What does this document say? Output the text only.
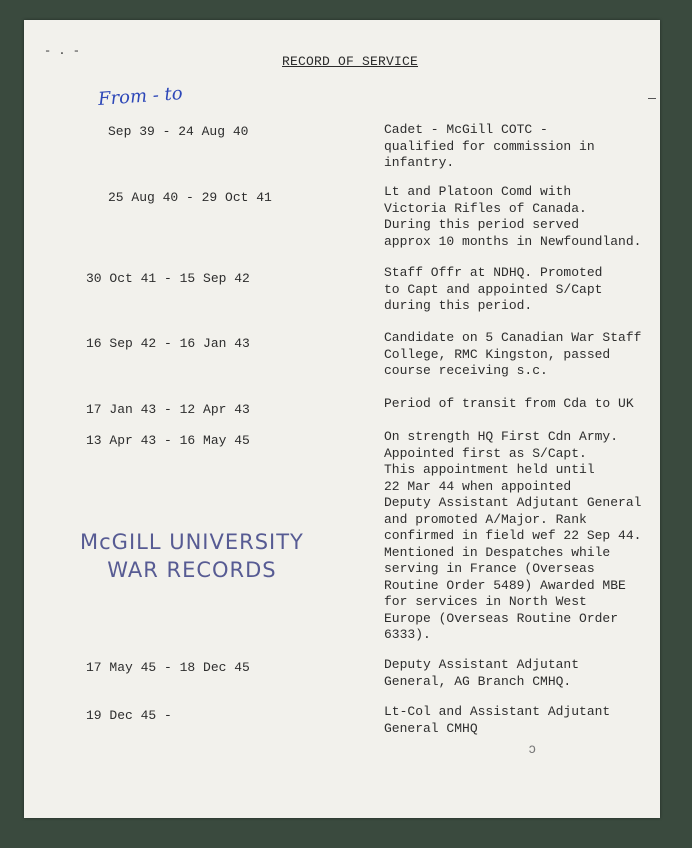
- . -
RECORD OF SERVICE
From - to
Sep 39 - 24 Aug 40	Cadet - McGill COTC -
qualified for commission in
infantry.
25 Aug 40 - 29 Oct 41	Lt and Platoon Comd with
Victoria Rifles of Canada.
During this period served
approx 10 months in Newfoundland.
30 Oct 41 - 15 Sep 42	Staff Offr at NDHQ. Promoted
to Capt and appointed S/Capt
during this period.
16 Sep 42 - 16 Jan 43	Candidate on 5 Canadian War Staff
College, RMC Kingston, passed
course receiving s.c.
17 Jan 43 - 12 Apr 43	Period of transit from Cda to UK
13 Apr 43 - 16 May 45	On strength HQ First Cdn Army.
Appointed first as S/Capt.
This appointment held until
22 Mar 44 when appointed
Deputy Assistant Adjutant General
and promoted A/Major. Rank
confirmed in field wef 22 Sep 44.
Mentioned in Despatches while
serving in France (Overseas
Routine Order 5489) Awarded MBE
for services in North West
Europe (Overseas Routine Order
6333).
17 May 45 - 18 Dec 45	Deputy Assistant Adjutant
General, AG Branch CMHQ.
19 Dec 45 -	Lt-Col and Assistant Adjutant
General CMHQ
McGILL UNIVERSITY
WAR RECORDS
ↄ
